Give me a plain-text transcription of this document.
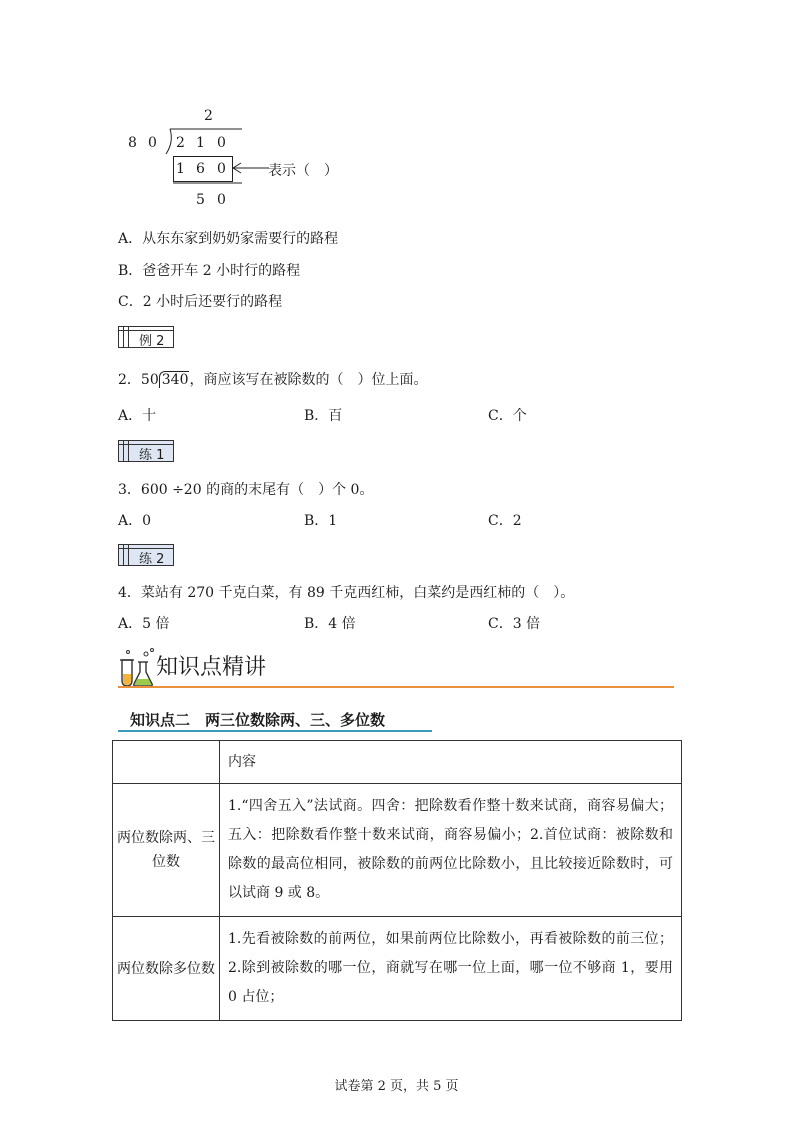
2
8 0 2 1 0
1 6 0	表示（　）
5 0
A．从东东家到奶奶家需要行的路程
B．爸爸开车 2 小时行的路程
C．2 小时后还要行的路程
例 2
2．50 340，商应该写在被除数的（　）位上面。
A．十	B．百	C．个
练 1
3．600 ÷20 的商的末尾有（　）个 0。
A．0	B．1	C．2
练 2
4．菜站有 270 千克白菜，有 89 千克西红柿，白菜约是西红柿的（　）。
A．5 倍	B．4 倍	C．3 倍
知识点精讲
知识点二　两三位数除两、三、多位数
	内容
两位数除两、三位数	1.“四舍五入”法试商。四舍：把除数看作整十数来试商，商容易偏大；五入：把除数看作整十数来试商，商容易偏小；2.首位试商：被除数和除数的最高位相同，被除数的前两位比除数小，且比较接近除数时，可以试商 9 或 8。
两位数除多位数	1.先看被除数的前两位，如果前两位比除数小，再看被除数的前三位；2.除到被除数的哪一位，商就写在哪一位上面，哪一位不够商 1，要用 0 占位；
试卷第 2 页，共 5 页
